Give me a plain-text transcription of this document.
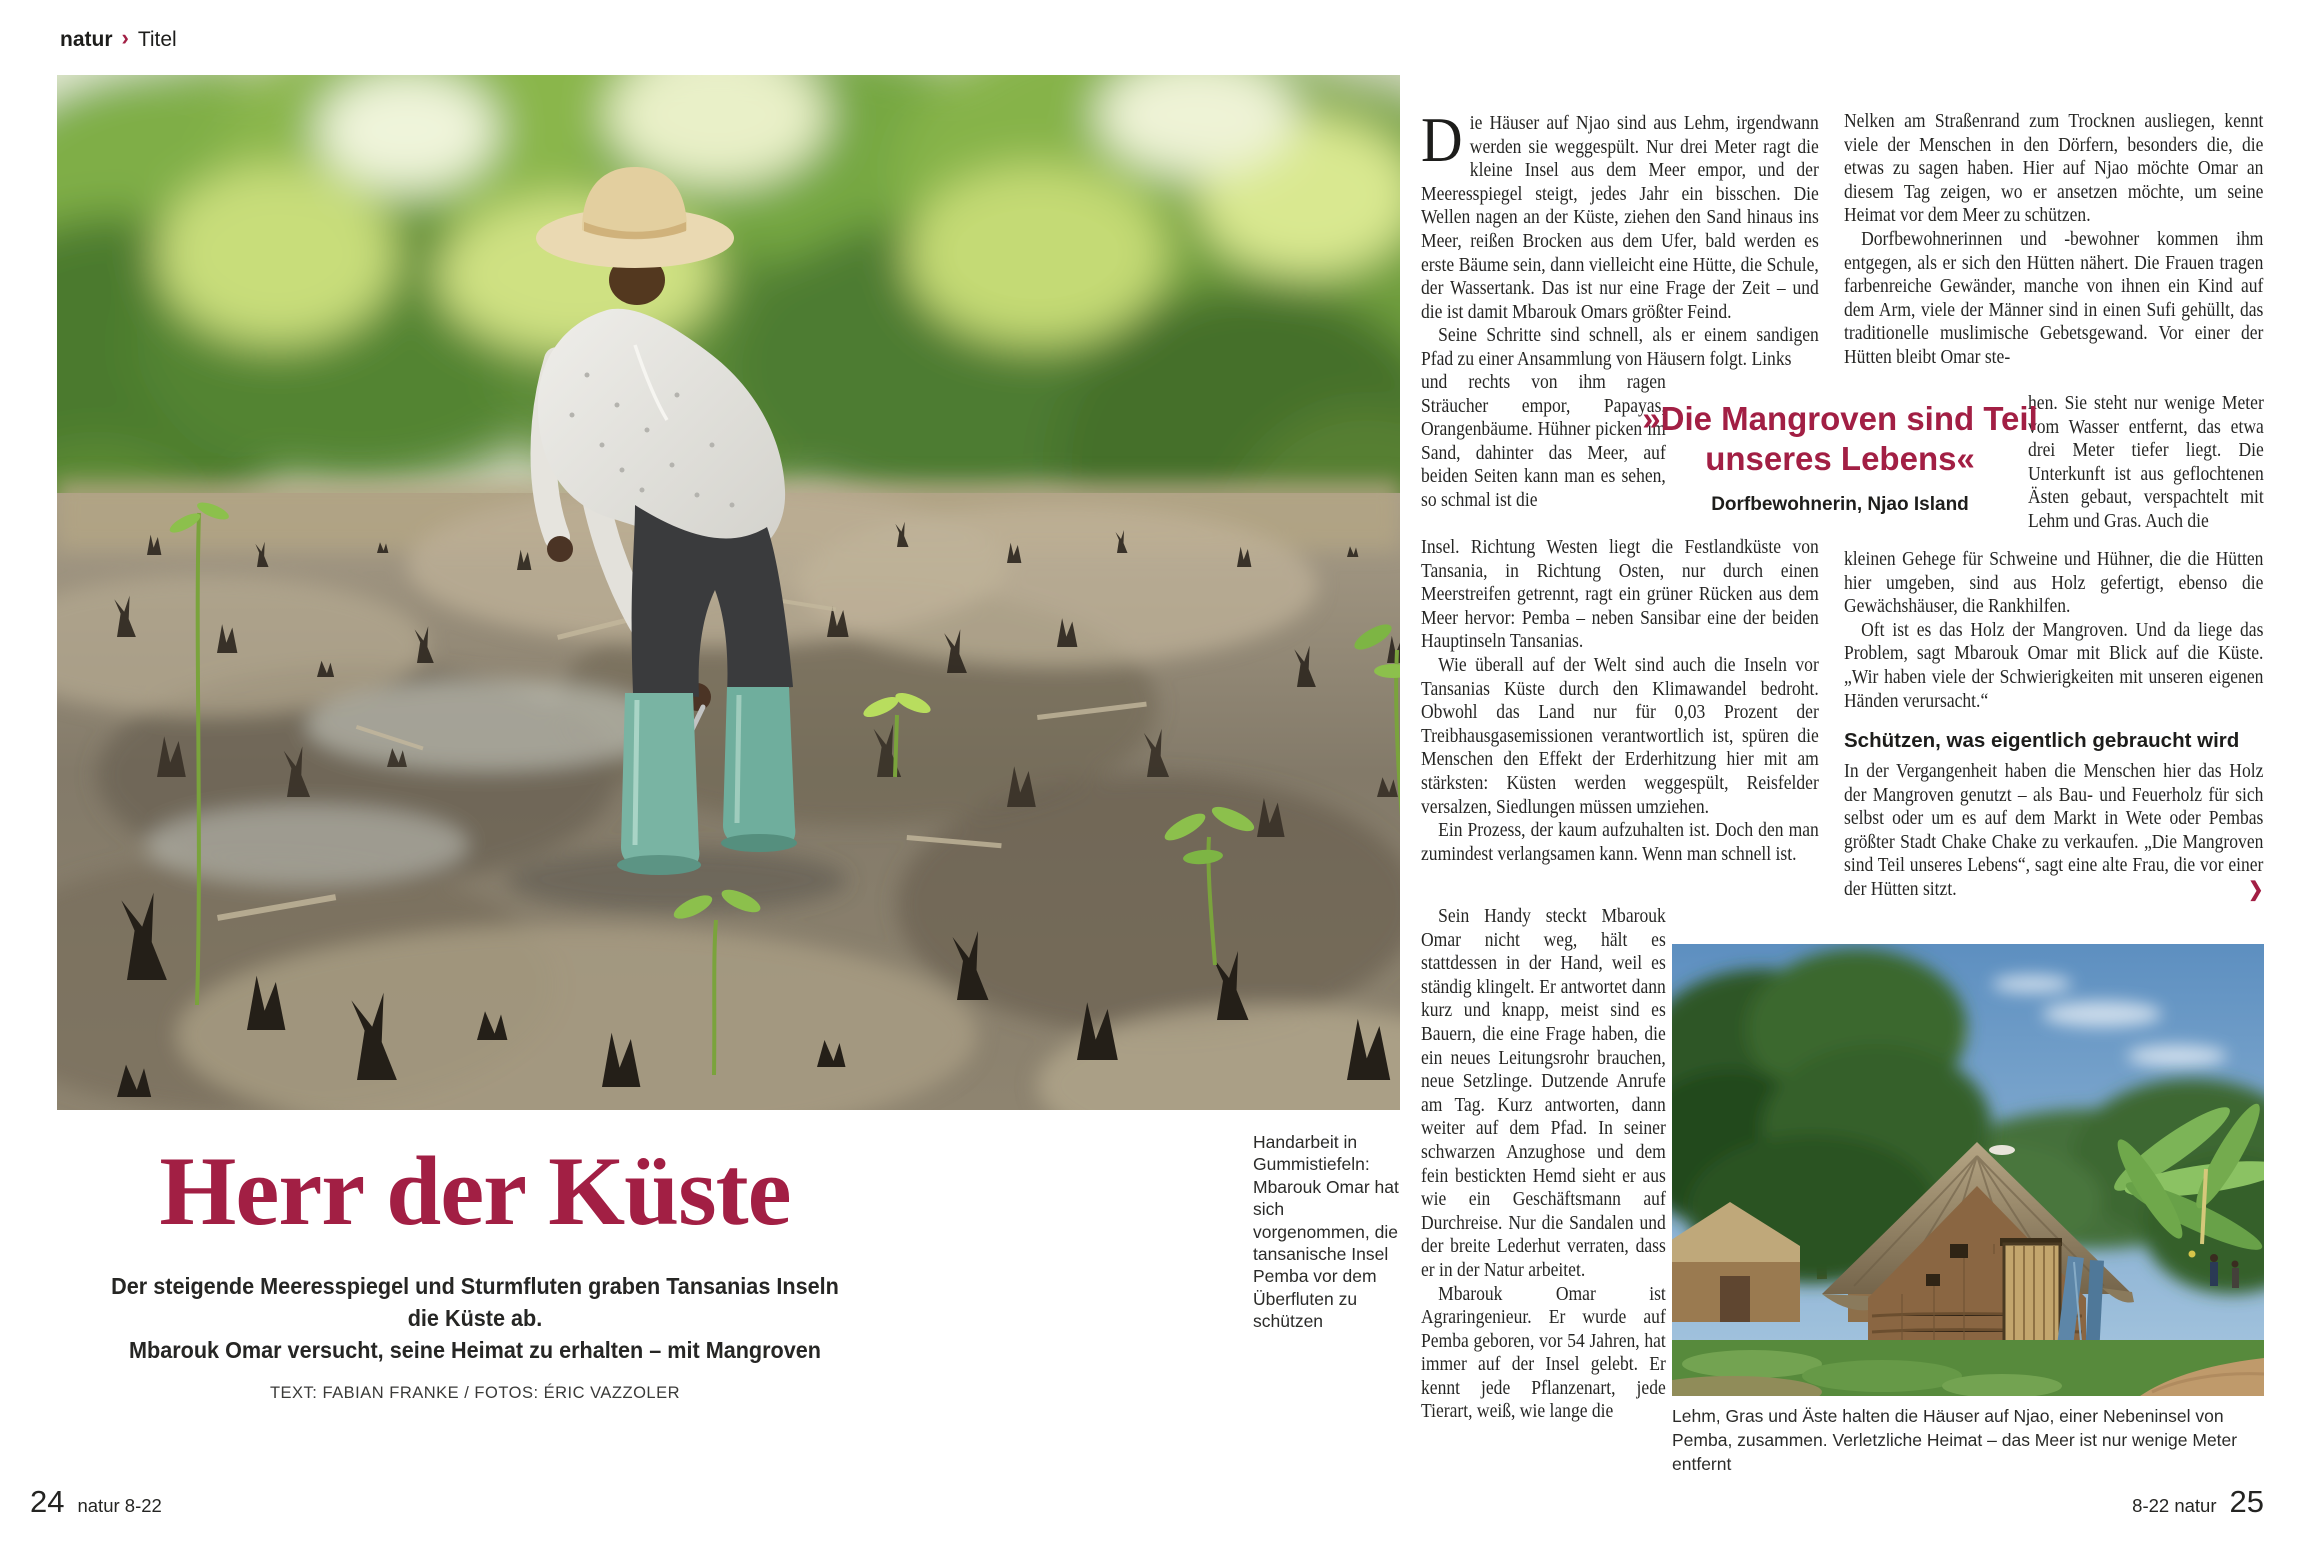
natur › Titel
Handarbeit in Gummistiefeln: Mbarouk Omar hat sich vorgenommen, die tansanische Insel Pemba vor dem Überfluten zu schützen
Herr der Küste
Der steigende Meeresspiegel und Sturmfluten graben Tansanias Inseln die Küste ab.
Mbarouk Omar versucht, seine Heimat zu erhalten – mit Mangroven
TEXT: FABIAN FRANKE / FOTOS: ÉRIC VAZZOLER

Die Häuser auf Njao sind aus Lehm, irgendwann werden sie weggespült. Nur drei Meter ragt die kleine Insel aus dem Meer empor, und der Meeresspiegel steigt, jedes Jahr ein bisschen. Die Wellen nagen an der Küste, ziehen den Sand hinaus ins Meer, reißen Brocken aus dem Ufer, bald werden es erste Bäume sein, dann vielleicht eine Hütte, die Schule, der Wassertank. Das ist nur eine Frage der Zeit – und die ist damit Mbarouk Omars größter Feind.

Seine Schritte sind schnell, als er einem sandigen Pfad zu einer Ansammlung von Häusern folgt. Links

und rechts von ihm ragen Sträucher empor, Papayas, Orangenbäume. Hühner picken im Sand, dahinter das Meer, auf beiden Seiten kann man es sehen, so schmal ist die

Insel. Richtung Westen liegt die Festlandküste von Tansania, in Richtung Osten, nur durch einen Meerstreifen getrennt, ragt ein grüner Rücken aus dem Meer hervor: Pemba – neben Sansibar eine der beiden Hauptinseln Tansanias.

Wie überall auf der Welt sind auch die Inseln vor Tansanias Küste durch den Klimawandel bedroht. Obwohl das Land nur für 0,03 Prozent der Treibhausgasemissionen verantwortlich ist, spüren die Menschen den Effekt der Erderhitzung hier mit am stärksten: Küsten werden weggespült, Reisfelder versalzen, Siedlungen müssen umziehen.

Ein Prozess, der kaum aufzuhalten ist. Doch den man zumindest verlangsamen kann. Wenn man schnell ist.

Sein Handy steckt Mbarouk Omar nicht weg, hält es stattdessen in der Hand, weil es ständig klingelt. Er antwortet dann kurz und knapp, meist sind es Bauern, die eine Frage haben, die ein neues Leitungsrohr brauchen, neue Setzlinge. Dutzende Anrufe am Tag. Kurz antworten, dann weiter auf dem Pfad. In seiner schwarzen Anzughose und dem fein bestickten Hemd sieht er aus wie ein Geschäftsmann auf Durchreise. Nur die Sandalen und der breite Lederhut verraten, dass er in der Natur arbeitet.

Mbarouk Omar ist Agraringenieur. Er wurde auf Pemba geboren, vor 54 Jahren, hat immer auf der Insel gelebt. Er kennt jede Pflanzenart, jede Tierart, weiß, wie lange die

Nelken am Straßenrand zum Trocknen ausliegen, kennt viele der Menschen in den Dörfern, besonders die, die etwas zu sagen haben. Hier auf Njao möchte Omar an diesem Tag zeigen, wo er ansetzen möchte, um seine Heimat vor dem Meer zu schützen.

Dorfbewohnerinnen und -bewohner kommen ihm entgegen, als er sich den Hütten nähert. Die Frauen tragen farbenreiche Gewänder, manche von ihnen ein Kind auf dem Arm, viele der Männer sind in einen Sufi gehüllt, das traditionelle muslimische Gebetsgewand. Vor einer der Hütten bleibt Omar ste-

hen. Sie steht nur wenige Meter vom Wasser entfernt, das etwa drei Meter tiefer liegt. Die Unterkunft ist aus geflochtenen Ästen gebaut, verspachtelt mit Lehm und Gras. Auch die

kleinen Gehege für Schweine und Hühner, die die Hütten hier umgeben, sind aus Holz gefertigt, ebenso die Gewächshäuser, die Rankhilfen.

Oft ist es das Holz der Mangroven. Und da liege das Problem, sagt Mbarouk Omar mit Blick auf die Küste. „Wir haben viele der Schwierigkeiten mit unseren eigenen Händen verursacht.“

Schützen, was eigentlich gebraucht wird

In der Vergangenheit haben die Menschen hier das Holz der Mangroven genutzt – als Bau- und Feuerholz für sich selbst oder um es auf dem Markt in Wete oder Pembas größter Stadt Chake Chake zu verkaufen. „Die Mangroven sind Teil unseres Lebens“, sagt eine alte Frau, die vor einer der Hütten sitzt.	❯

»Die Mangroven sind Teil unseres Lebens«
Dorfbewohnerin, Njao Island
Lehm, Gras und Äste halten die Häuser auf Njao, einer Nebeninsel von Pemba, zusammen. Verletzliche Heimat – das Meer ist nur wenige Meter entfernt
24 natur 8-22	8-22 natur 25
